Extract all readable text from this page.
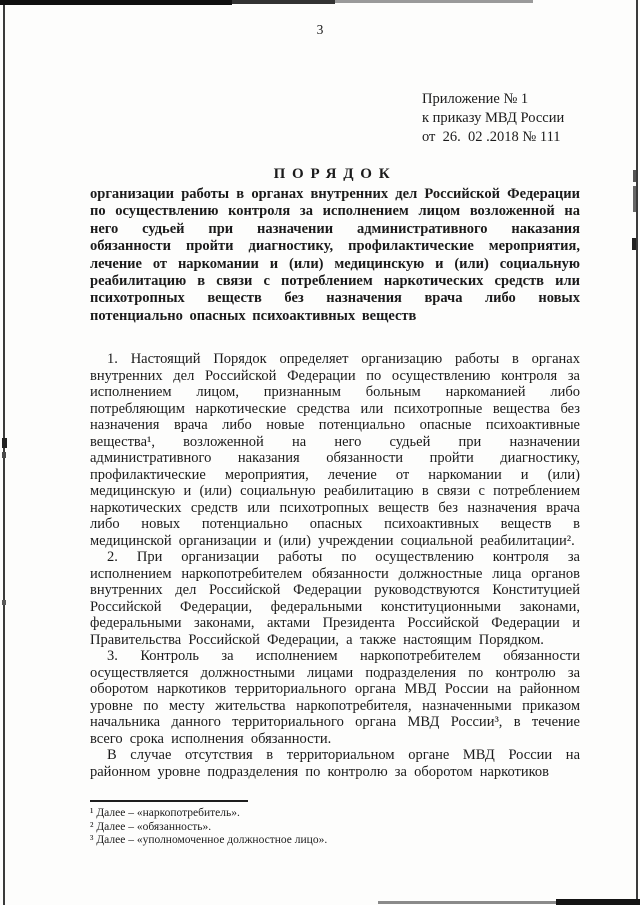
3
Приложение № 1
к приказу МВД России
от  26.  02 .2018 № 111
ПОРЯДОК

организации работы в органах внутренних дел Российской Федерации по осуществлению контроля за исполнением лицом возложенной на него судьей при назначении административного наказания обязанности пройти диагностику, профилактические мероприятия, лечение от наркомании и (или) медицинскую и (или) социальную реабилитацию в связи с потреблением наркотических средств или психотропных веществ без назначения врача либо новых потенциально опасных психоактивных веществ

1. Настоящий Порядок определяет организацию работы в органах внутренних дел Российской Федерации по осуществлению контроля за исполнением лицом, признанным больным наркоманией либо потребляющим наркотические средства или психотропные вещества без назначения врача либо новые потенциально опасные психоактивные вещества¹, возложенной на него судьей при назначении административного наказания обязанности пройти диагностику, профилактические мероприятия, лечение от наркомании и (или) медицинскую и (или) социальную реабилитацию в связи с потреблением наркотических средств или психотропных веществ без назначения врача либо новых потенциально опасных психоактивных веществ в медицинской организации и (или) учреждении социальной реабилитации².

2. При организации работы по осуществлению контроля за исполнением наркопотребителем обязанности должностные лица органов внутренних дел Российской Федерации руководствуются Конституцией Российской Федерации, федеральными конституционными законами, федеральными законами, актами Президента Российской Федерации и Правительства Российской Федерации, а также настоящим Порядком.

3. Контроль за исполнением наркопотребителем обязанности осуществляется должностными лицами подразделения по контролю за оборотом наркотиков территориального органа МВД России на районном уровне по месту жительства наркопотребителя, назначенными приказом начальника данного территориального органа МВД России³, в течение всего срока исполнения обязанности.

В случае отсутствия в территориальном органе МВД России на районном уровне подразделения по контролю за оборотом наркотиков

¹ Далее – «наркопотребитель».
² Далее – «обязанность».
³ Далее – «уполномоченное должностное лицо».
